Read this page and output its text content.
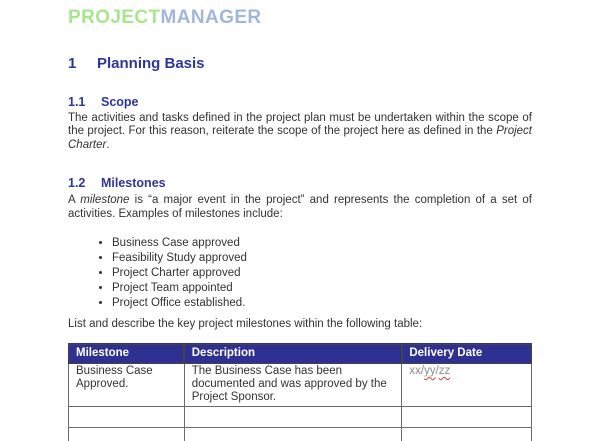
PROJECTMANAGER
1 Planning Basis
1.1 Scope

The activities and tasks defined in the project plan must be undertaken within the scope of the project. For this reason, reiterate the scope of the project here as defined in the Project Charter.

1.2 Milestones

A milestone is “a major event in the project” and represents the completion of a set of activities. Examples of milestones include:

• Business Case approved
• Feasibility Study approved
• Project Charter approved
• Project Team appointed
• Project Office established.

List and describe the key project milestones within the following table:

Milestone	Description	Delivery Date
Business Case Approved.	The Business Case has been documented and was approved by the Project Sponsor.	xx/yy/zz
